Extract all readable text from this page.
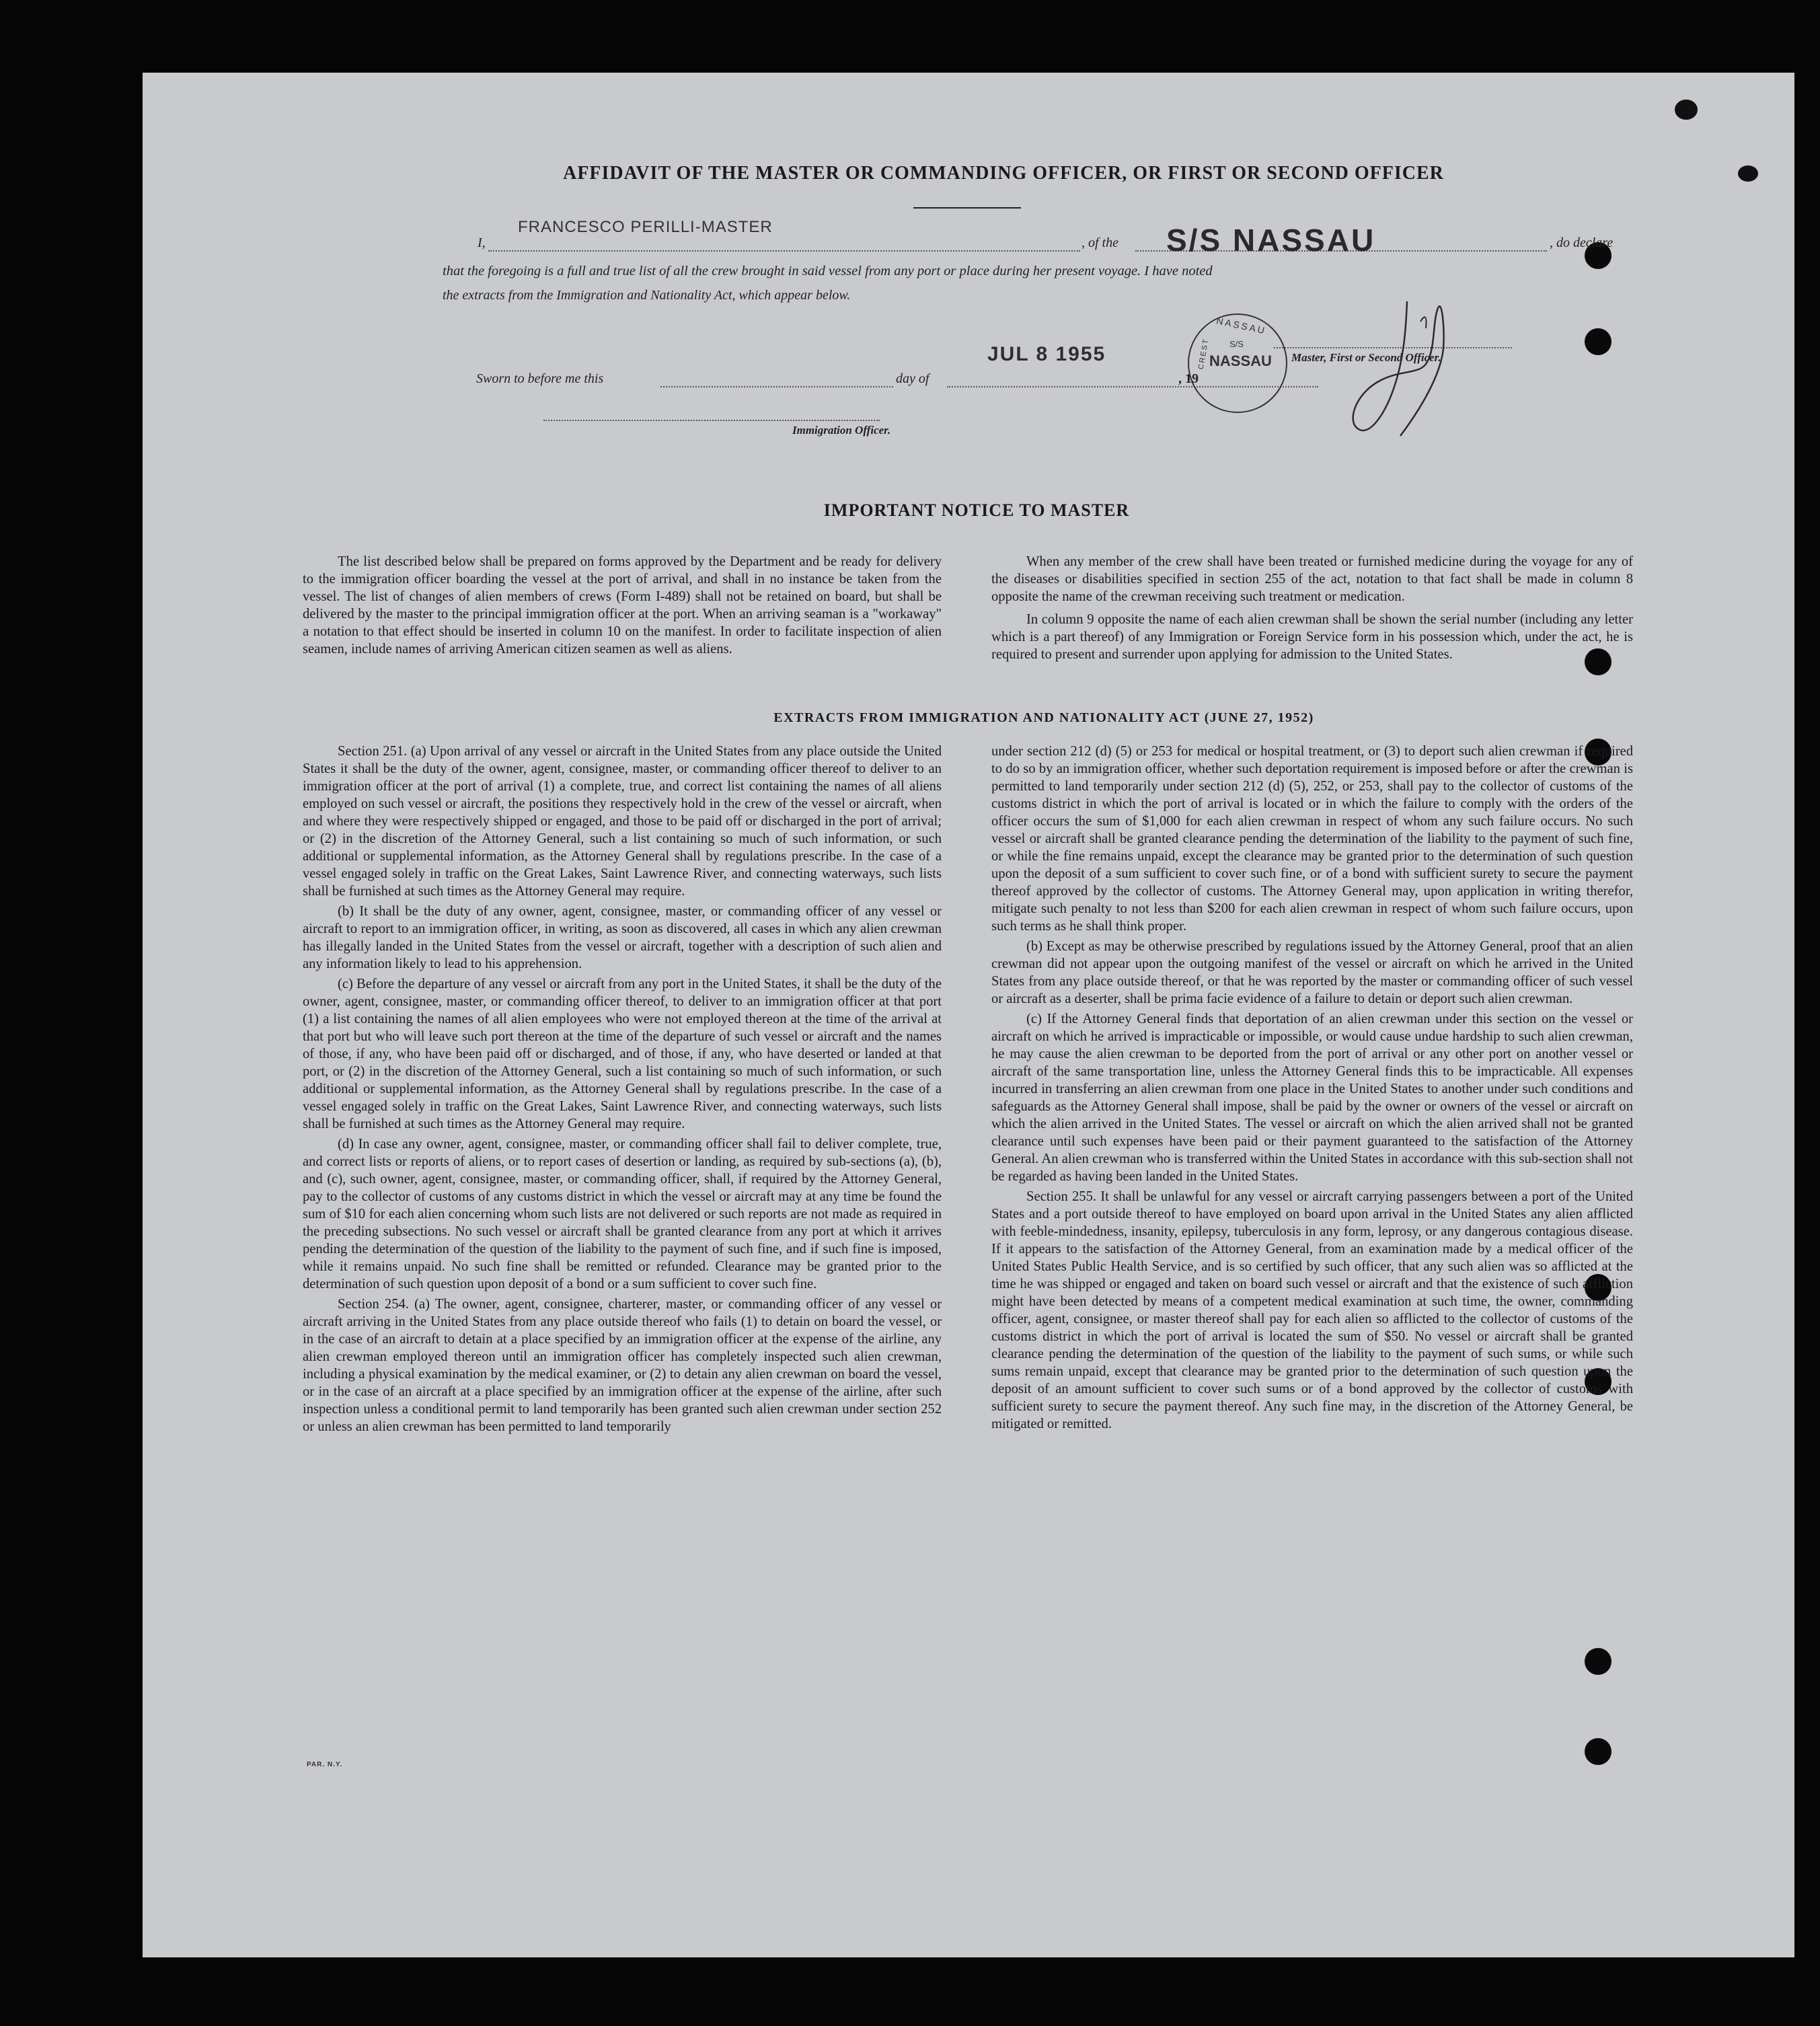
AFFIDAVIT OF THE MASTER OR COMMANDING OFFICER, OR FIRST OR SECOND OFFICER
FRANCESCO PERILLI-MASTER
I,	, of the S/S NASSAU	, do declare
that the foregoing is a full and true list of all the crew brought in said vessel from any port or place during her present voyage. I have noted
the extracts from the Immigration and Nationality Act, which appear below.
Sworn to before me this	day of
JUL 8 1955
, 19
Master, First or Second Officer.
NASSAU
S/S
NASSAU
CREST
Immigration Officer.
IMPORTANT NOTICE TO MASTER

The list described below shall be prepared on forms approved by the Department and be ready for delivery to the immigration officer boarding the vessel at the port of arrival, and shall in no instance be taken from the vessel. The list of changes of alien members of crews (Form I-489) shall not be retained on board, but shall be delivered by the master to the principal immigration officer at the port. When an arriving seaman is a "workaway" a notation to that effect should be inserted in column 10 on the manifest. In order to facilitate inspection of alien seamen, include names of arriving American citizen seamen as well as aliens.

When any member of the crew shall have been treated or furnished medicine during the voyage for any of the diseases or disabilities specified in section 255 of the act, notation to that fact shall be made in column 8 opposite the name of the crewman receiving such treatment or medication.

In column 9 opposite the name of each alien crewman shall be shown the serial number (including any letter which is a part thereof) of any Immigration or Foreign Service form in his possession which, under the act, he is required to present and surrender upon applying for admission to the United States.

EXTRACTS FROM IMMIGRATION AND NATIONALITY ACT (JUNE 27, 1952)

Section 251. (a) Upon arrival of any vessel or aircraft in the United States from any place outside the United States it shall be the duty of the owner, agent, consignee, master, or commanding officer thereof to deliver to an immigration officer at the port of arrival (1) a complete, true, and correct list containing the names of all aliens employed on such vessel or aircraft, the positions they respectively hold in the crew of the vessel or aircraft, when and where they were respectively shipped or engaged, and those to be paid off or discharged in the port of arrival; or (2) in the discretion of the Attorney General, such a list containing so much of such information, or such additional or supplemental information, as the Attorney General shall by regulations prescribe. In the case of a vessel engaged solely in traffic on the Great Lakes, Saint Lawrence River, and connecting waterways, such lists shall be furnished at such times as the Attorney General may require.

(b) It shall be the duty of any owner, agent, consignee, master, or commanding officer of any vessel or aircraft to report to an immigration officer, in writing, as soon as discovered, all cases in which any alien crewman has illegally landed in the United States from the vessel or aircraft, together with a description of such alien and any information likely to lead to his apprehension.

(c) Before the departure of any vessel or aircraft from any port in the United States, it shall be the duty of the owner, agent, consignee, master, or commanding officer thereof, to deliver to an immigration officer at that port (1) a list containing the names of all alien employees who were not employed thereon at the time of the arrival at that port but who will leave such port thereon at the time of the departure of such vessel or aircraft and the names of those, if any, who have been paid off or discharged, and of those, if any, who have deserted or landed at that port, or (2) in the discretion of the Attorney General, such a list containing so much of such information, or such additional or supplemental information, as the Attorney General shall by regulations prescribe. In the case of a vessel engaged solely in traffic on the Great Lakes, Saint Lawrence River, and connecting waterways, such lists shall be furnished at such times as the Attorney General may require.

(d) In case any owner, agent, consignee, master, or commanding officer shall fail to deliver complete, true, and correct lists or reports of aliens, or to report cases of desertion or landing, as required by sub-sections (a), (b), and (c), such owner, agent, consignee, master, or commanding officer, shall, if required by the Attorney General, pay to the collector of customs of any customs district in which the vessel or aircraft may at any time be found the sum of $10 for each alien concerning whom such lists are not delivered or such reports are not made as required in the preceding subsections. No such vessel or aircraft shall be granted clearance from any port at which it arrives pending the determination of the question of the liability to the payment of such fine, and if such fine is imposed, while it remains unpaid. No such fine shall be remitted or refunded. Clearance may be granted prior to the determination of such question upon deposit of a bond or a sum sufficient to cover such fine.

Section 254. (a) The owner, agent, consignee, charterer, master, or commanding officer of any vessel or aircraft arriving in the United States from any place outside thereof who fails (1) to detain on board the vessel, or in the case of an aircraft to detain at a place specified by an immigration officer at the expense of the airline, any alien crewman employed thereon until an immigration officer has completely inspected such alien crewman, including a physical examination by the medical examiner, or (2) to detain any alien crewman on board the vessel, or in the case of an aircraft at a place specified by an immigration officer at the expense of the airline, after such inspection unless a conditional permit to land temporarily has been granted such alien crewman under section 252 or unless an alien crewman has been permitted to land temporarily

under section 212 (d) (5) or 253 for medical or hospital treatment, or (3) to deport such alien crewman if required to do so by an immigration officer, whether such deportation requirement is imposed before or after the crewman is permitted to land temporarily under section 212 (d) (5), 252, or 253, shall pay to the collector of customs of the customs district in which the port of arrival is located or in which the failure to comply with the orders of the officer occurs the sum of $1,000 for each alien crewman in respect of whom any such failure occurs. No such vessel or aircraft shall be granted clearance pending the determination of the liability to the payment of such fine, or while the fine remains unpaid, except the clearance may be granted prior to the determination of such question upon the deposit of a sum sufficient to cover such fine, or of a bond with sufficient surety to secure the payment thereof approved by the collector of customs. The Attorney General may, upon application in writing therefor, mitigate such penalty to not less than $200 for each alien crewman in respect of whom such failure occurs, upon such terms as he shall think proper.

(b) Except as may be otherwise prescribed by regulations issued by the Attorney General, proof that an alien crewman did not appear upon the outgoing manifest of the vessel or aircraft on which he arrived in the United States from any place outside thereof, or that he was reported by the master or commanding officer of such vessel or aircraft as a deserter, shall be prima facie evidence of a failure to detain or deport such alien crewman.

(c) If the Attorney General finds that deportation of an alien crewman under this section on the vessel or aircraft on which he arrived is impracticable or impossible, or would cause undue hardship to such alien crewman, he may cause the alien crewman to be deported from the port of arrival or any other port on another vessel or aircraft of the same transportation line, unless the Attorney General finds this to be impracticable. All expenses incurred in transferring an alien crewman from one place in the United States to another under such conditions and safeguards as the Attorney General shall impose, shall be paid by the owner or owners of the vessel or aircraft on which the alien arrived in the United States. The vessel or aircraft on which the alien arrived shall not be granted clearance until such expenses have been paid or their payment guaranteed to the satisfaction of the Attorney General. An alien crewman who is transferred within the United States in accordance with this sub-section shall not be regarded as having been landed in the United States.

Section 255. It shall be unlawful for any vessel or aircraft carrying passengers between a port of the United States and a port outside thereof to have employed on board upon arrival in the United States any alien afflicted with feeble-mindedness, insanity, epilepsy, tuberculosis in any form, leprosy, or any dangerous contagious disease. If it appears to the satisfaction of the Attorney General, from an examination made by a medical officer of the United States Public Health Service, and is so certified by such officer, that any such alien was so afflicted at the time he was shipped or engaged and taken on board such vessel or aircraft and that the existence of such affliction might have been detected by means of a competent medical examination at such time, the owner, commanding officer, agent, consignee, or master thereof shall pay for each alien so afflicted to the collector of customs of the customs district in which the port of arrival is located the sum of $50. No vessel or aircraft shall be granted clearance pending the determination of the question of the liability to the payment of such sums, or while such sums remain unpaid, except that clearance may be granted prior to the determination of such question upon the deposit of an amount sufficient to cover such sums or of a bond approved by the collector of customs with sufficient surety to secure the payment thereof. Any such fine may, in the discretion of the Attorney General, be mitigated or remitted.

PAR. N.Y.
